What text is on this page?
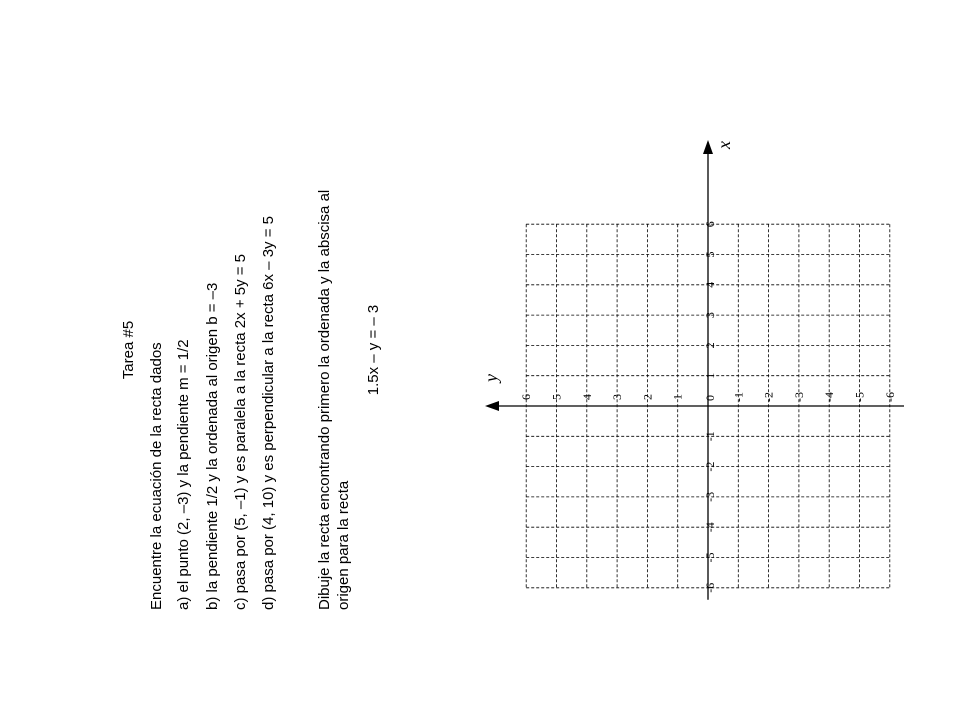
Tarea #5 Encuentre la ecuación de la recta dados a) el punto (2, –3) y la pendiente m = 1/2 b) la pendiente 1/2 y la ordenada al origen b = –3 c) pasa por (5, –1) y es paralela a la recta 2x + 5y = 5 d) pasa por (4, 10) y es perpendicular a la recta 6x – 3y = 5	Dibuje la recta encontrando primero la ordenada y la abscisa al origen para la recta
1.5x – y = – 3
-6
-5
-4
-3
-2
-1
0
1
2
3
4
5
6
6 5 4 3 2 1	-1 -2 -3 -4 -5 -6
x
y
